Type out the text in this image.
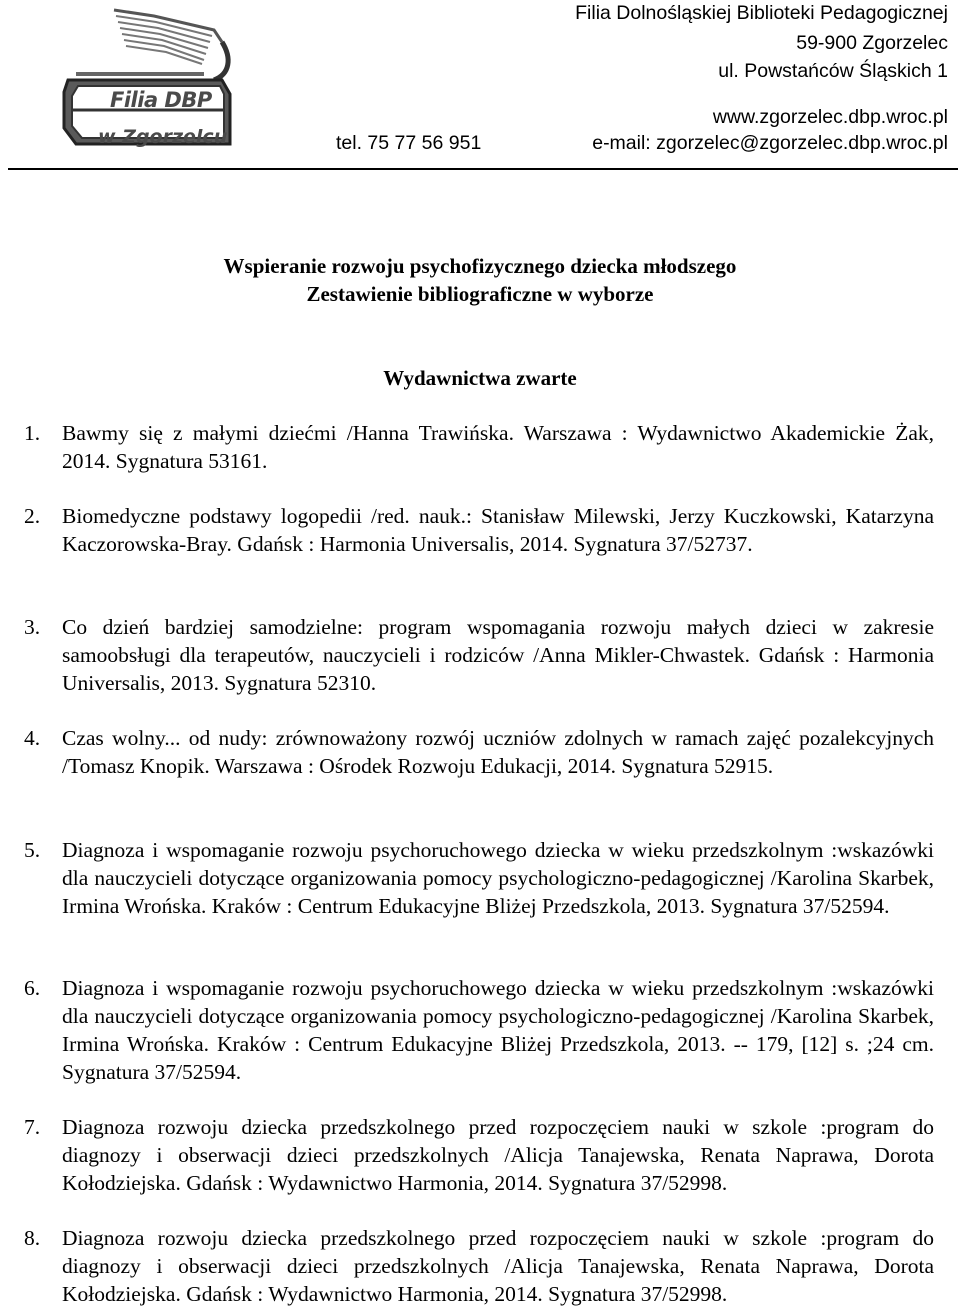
Filia DBP
w Zgorzelcu
Filia Dolnośląskiej Biblioteki Pedagogicznej
59-900 Zgorzelec
ul. Powstańców Śląskich 1
www.zgorzelec.dbp.wroc.pl
tel. 75 77 56 951	e-mail: zgorzelec@zgorzelec.dbp.wroc.pl
Wspieranie rozwoju psychofizycznego dziecka młodszego
Zestawienie bibliograficzne w wyborze
Wydawnictwa zwarte
1. Bawmy się z małymi dziećmi /Hanna Trawińska. Warszawa : Wydawnictwo Akademickie Żak, 2014. Sygnatura 53161.
2. Biomedyczne podstawy logopedii /red. nauk.: Stanisław Milewski, Jerzy Kuczkowski, Katarzyna Kaczorowska-Bray. Gdańsk : Harmonia Universalis, 2014. Sygnatura 37/52737.
3. Co dzień bardziej samodzielne: program wspomagania rozwoju małych dzieci w zakresie samoobsługi dla terapeutów, nauczycieli i rodziców /Anna Mikler-Chwastek. Gdańsk : Harmonia Universalis, 2013. Sygnatura 52310.
4. Czas wolny... od nudy: zrównoważony rozwój uczniów zdolnych w ramach zajęć pozalekcyjnych /Tomasz Knopik. Warszawa : Ośrodek Rozwoju Edukacji, 2014. Sygnatura 52915.
5. Diagnoza i wspomaganie rozwoju psychoruchowego dziecka w wieku przedszkolnym :wskazówki dla nauczycieli dotyczące organizowania pomocy psychologiczno-pedagogicznej /Karolina Skarbek, Irmina Wrońska. Kraków : Centrum Edukacyjne Bliżej Przedszkola, 2013. Sygnatura 37/52594.
6. Diagnoza i wspomaganie rozwoju psychoruchowego dziecka w wieku przedszkolnym :wskazówki dla nauczycieli dotyczące organizowania pomocy psychologiczno-pedagogicznej /Karolina Skarbek, Irmina Wrońska. Kraków : Centrum Edukacyjne Bliżej Przedszkola, 2013. -- 179, [12] s. ;24 cm. Sygnatura 37/52594.
7. Diagnoza rozwoju dziecka przedszkolnego przed rozpoczęciem nauki w szkole :program do diagnozy i obserwacji dzieci przedszkolnych /Alicja Tanajewska, Renata Naprawa, Dorota Kołodziejska. Gdańsk : Wydawnictwo Harmonia, 2014. Sygnatura 37/52998.
8. Diagnoza rozwoju dziecka przedszkolnego przed rozpoczęciem nauki w szkole :program do diagnozy i obserwacji dzieci przedszkolnych /Alicja Tanajewska, Renata Naprawa, Dorota Kołodziejska. Gdańsk : Wydawnictwo Harmonia, 2014. Sygnatura 37/52998.
